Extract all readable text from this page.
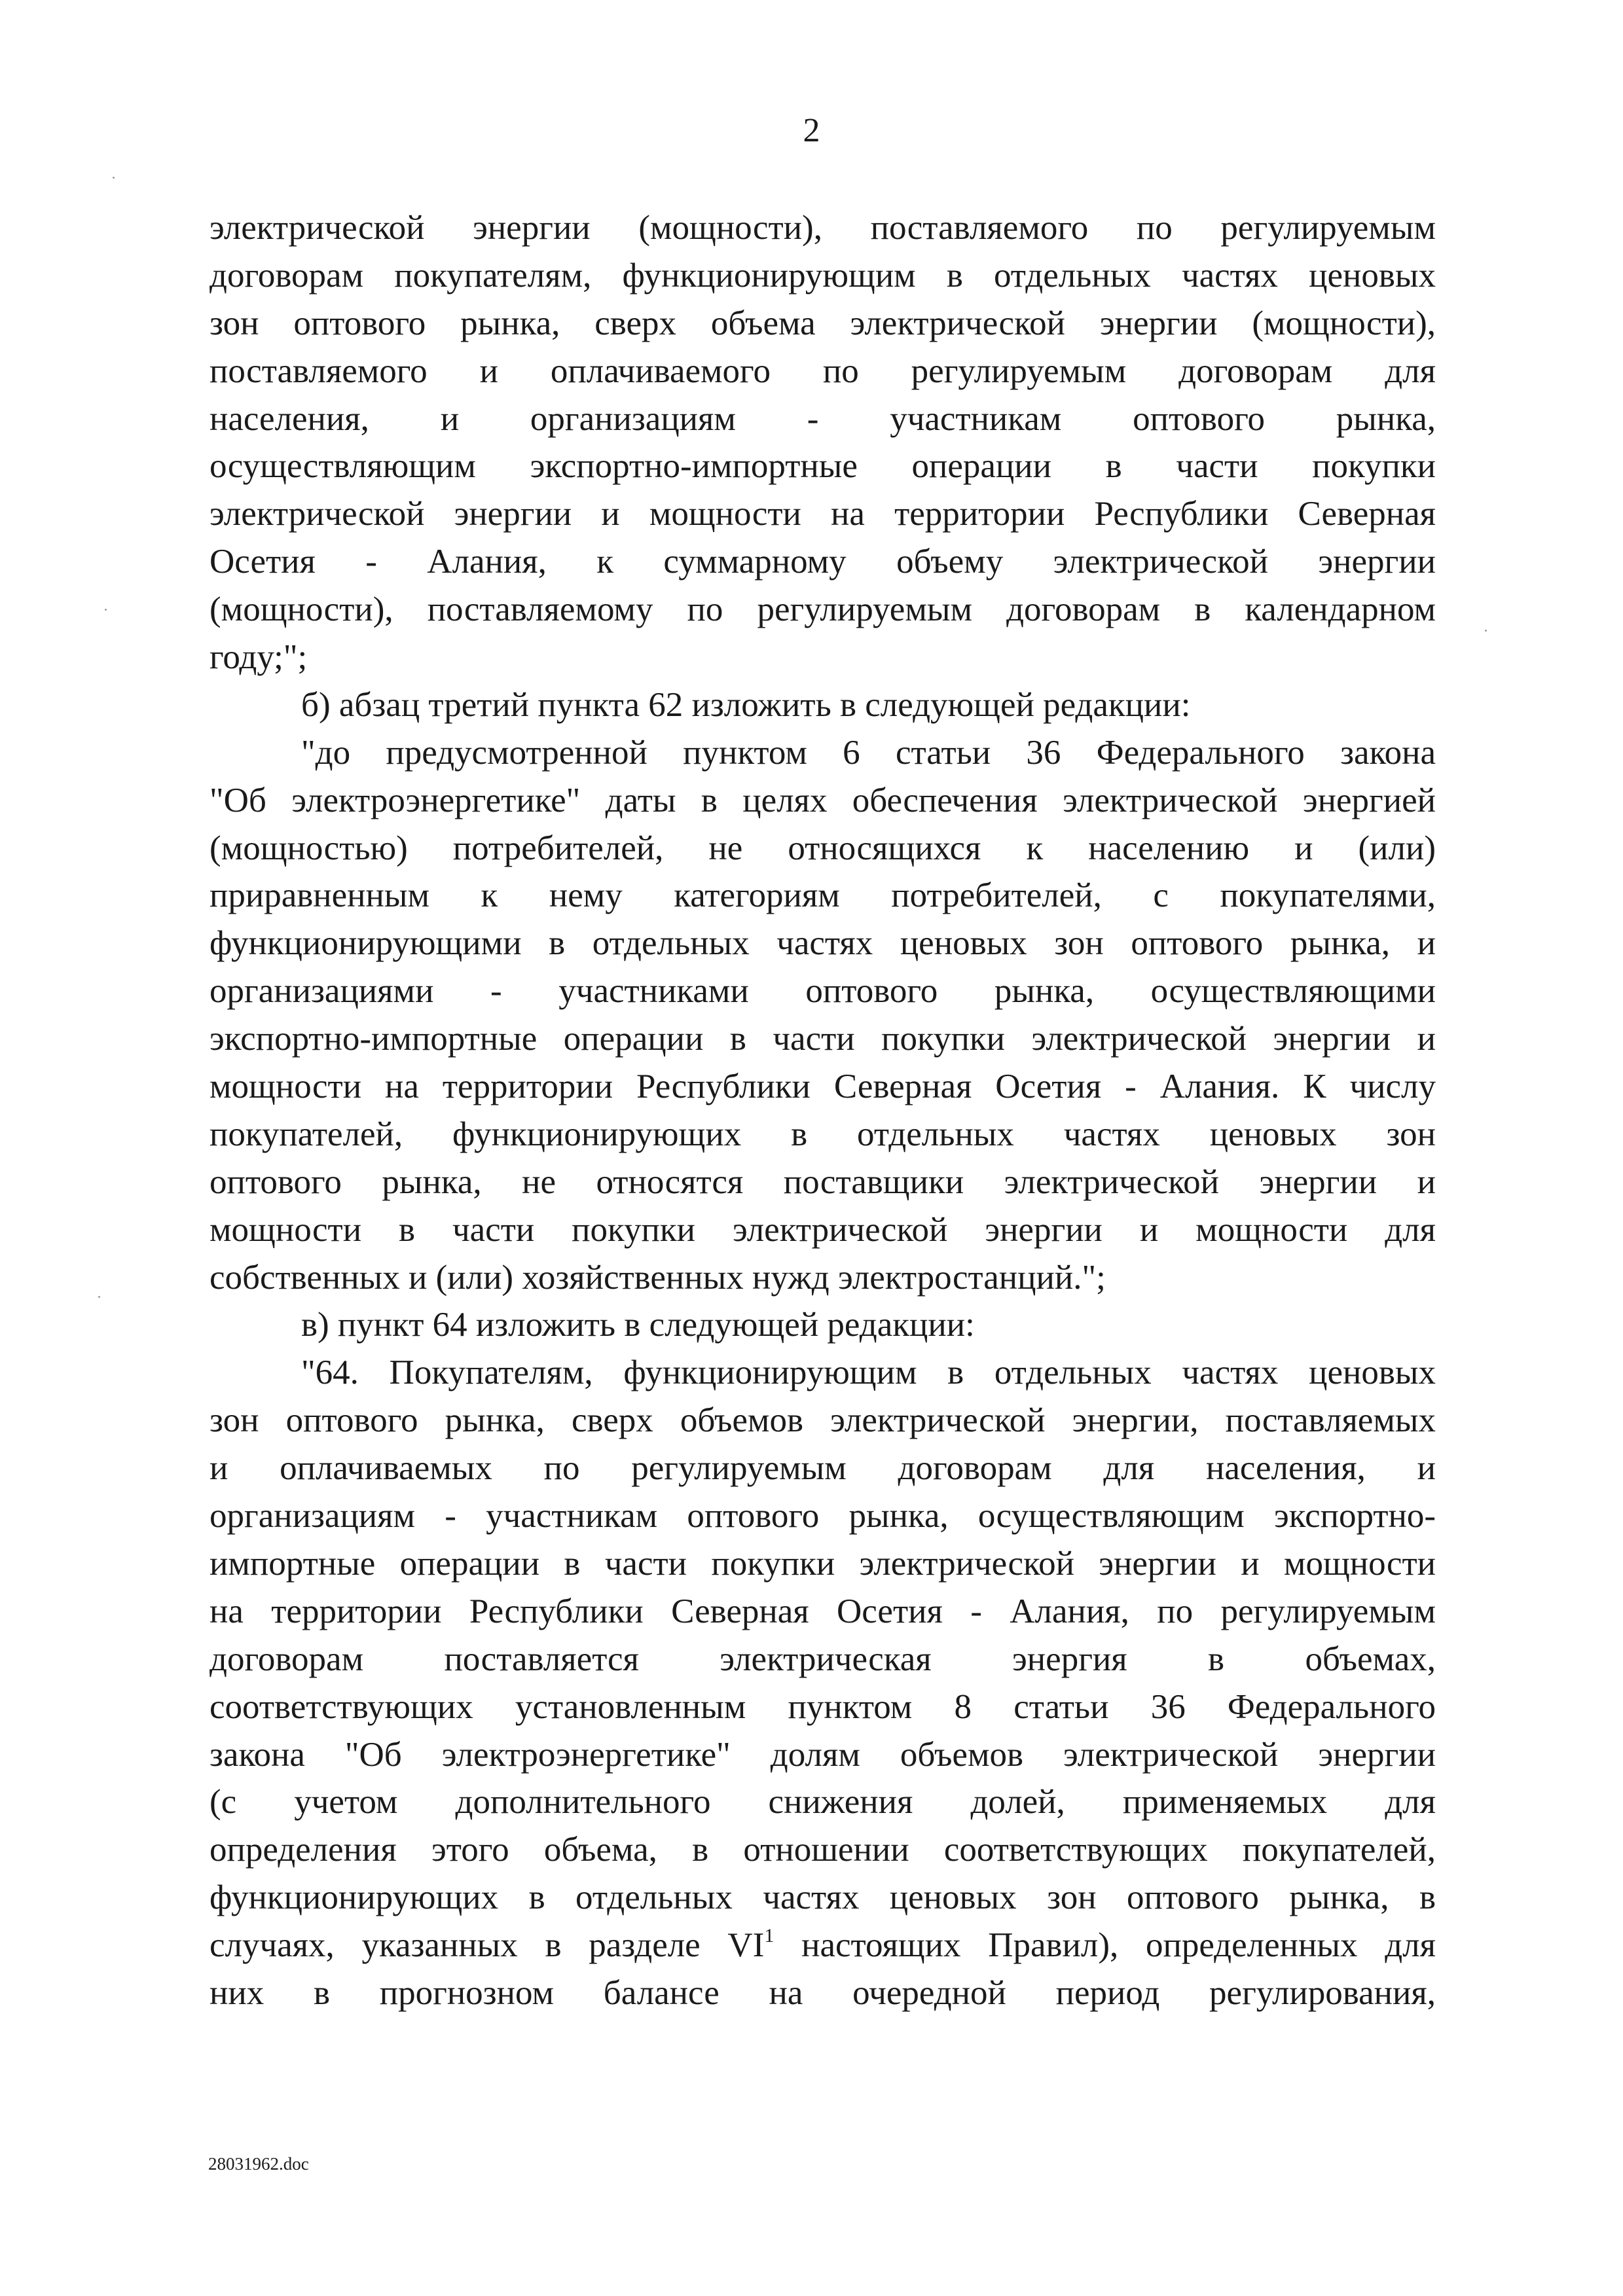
2
электрической энергии (мощности), поставляемого по регулируемым
договорам покупателям, функционирующим в отдельных частях ценовых
зон оптового рынка, сверх объема электрической энергии (мощности),
поставляемого и оплачиваемого по регулируемым договорам для
населения, и организациям - участникам оптового рынка,
осуществляющим экспортно-импортные операции в части покупки
электрической энергии и мощности на территории Республики Северная
Осетия - Алания, к суммарному объему электрической энергии
(мощности), поставляемому по регулируемым договорам в календарном
году;";
б) абзац третий пункта 62 изложить в следующей редакции:
"до предусмотренной пунктом 6 статьи 36 Федерального закона
"Об электроэнергетике" даты в целях обеспечения электрической энергией
(мощностью) потребителей, не относящихся к населению и (или)
приравненным к нему категориям потребителей, с покупателями,
функционирующими в отдельных частях ценовых зон оптового рынка, и
организациями - участниками оптового рынка, осуществляющими
экспортно-импортные операции в части покупки электрической энергии и
мощности на территории Республики Северная Осетия - Алания. К числу
покупателей, функционирующих в отдельных частях ценовых зон
оптового рынка, не относятся поставщики электрической энергии и
мощности в части покупки электрической энергии и мощности для
собственных и (или) хозяйственных нужд электростанций.";
в) пункт 64 изложить в следующей редакции:
"64. Покупателям, функционирующим в отдельных частях ценовых
зон оптового рынка, сверх объемов электрической энергии, поставляемых
и оплачиваемых по регулируемым договорам для населения, и
организациям - участникам оптового рынка, осуществляющим экспортно-
импортные операции в части покупки электрической энергии и мощности
на территории Республики Северная Осетия - Алания, по регулируемым
договорам поставляется электрическая энергия в объемах,
соответствующих установленным пунктом 8 статьи 36 Федерального
закона "Об электроэнергетике" долям объемов электрической энергии
(с учетом дополнительного снижения долей, применяемых для
определения этого объема, в отношении соответствующих покупателей,
функционирующих в отдельных частях ценовых зон оптового рынка, в
случаях, указанных в разделе $VI^1$ настоящих Правил), определенных для
них в прогнозном балансе на очередной период регулирования,
28031962.doc
